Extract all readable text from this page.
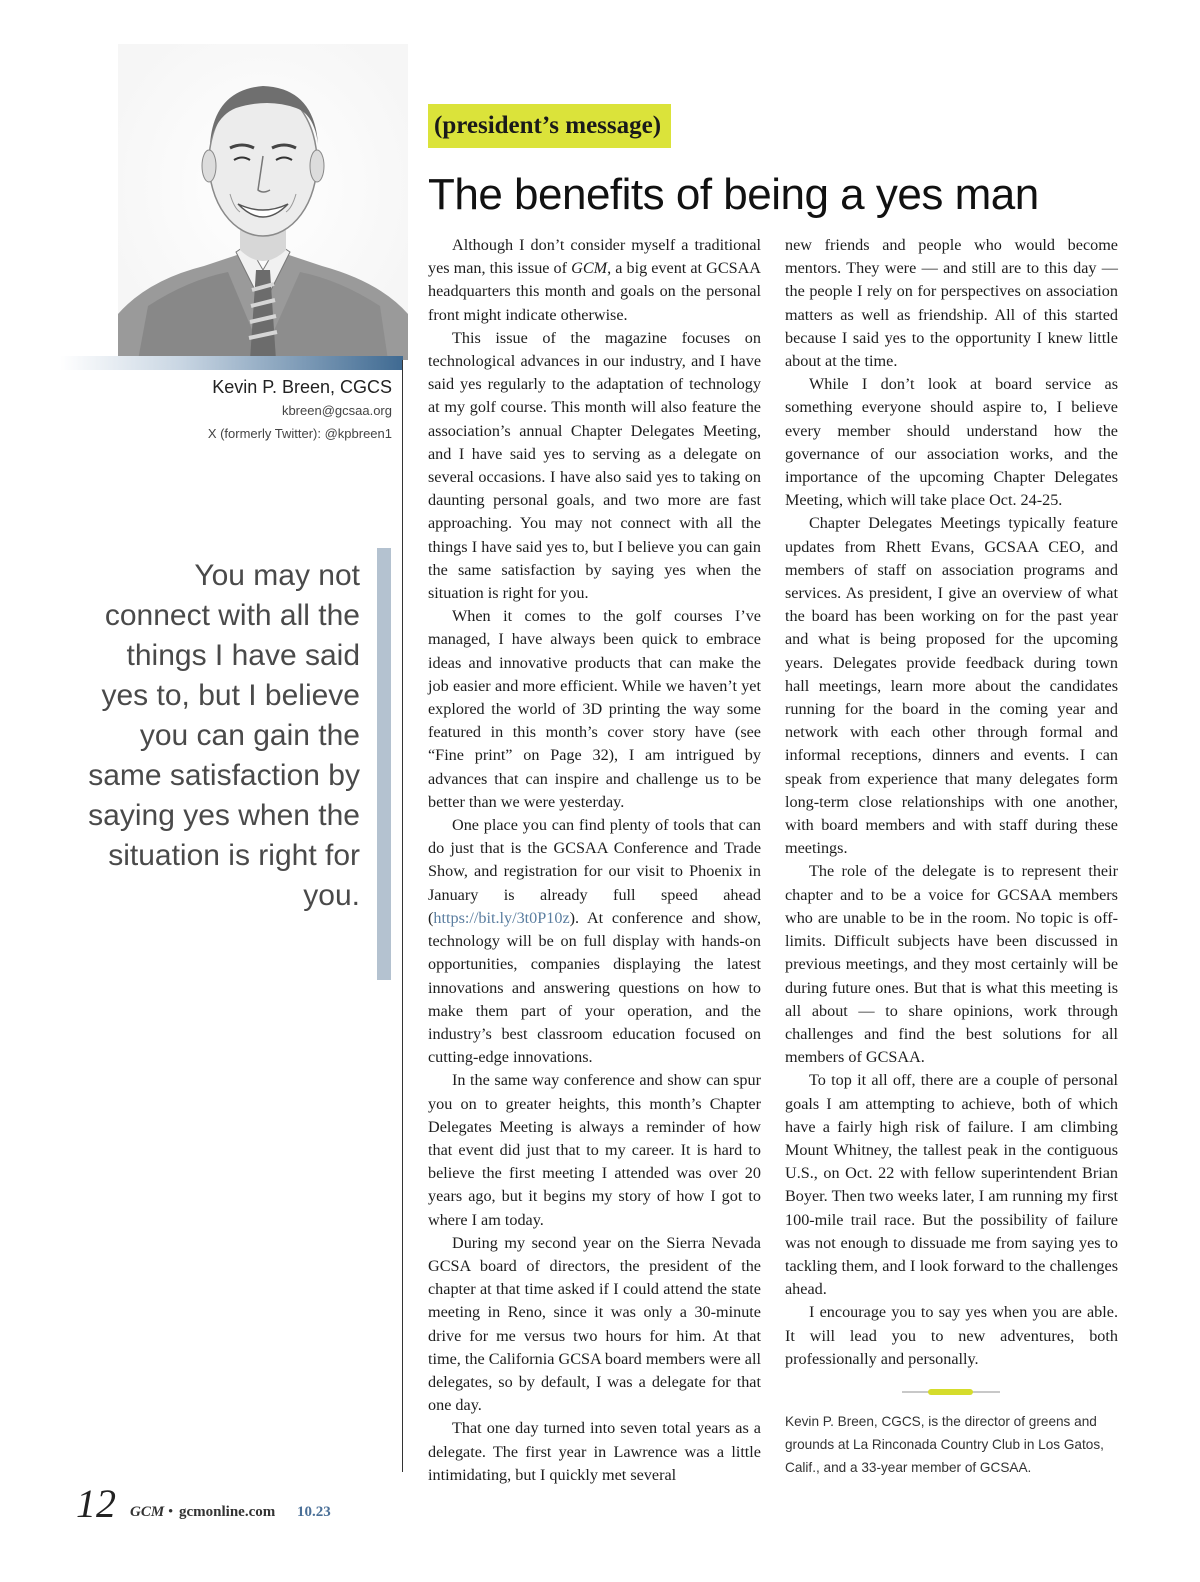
Kevin P. Breen, CGCS
kbreen@gcsaa.org
X (formerly Twitter): @kpbreen1
You may not connect with all the things I have said yes to, but I believe you can gain the same satisfaction by saying yes when the situation is right for you.
(president’s message)
The benefits of being a yes man

Although I don’t consider myself a traditional yes man, this issue of GCM, a big event at GCSAA headquarters this month and goals on the personal front might indicate otherwise.

This issue of the magazine focuses on technological advances in our industry, and I have said yes regularly to the adaptation of technology at my golf course. This month will also feature the association’s annual Chapter Delegates Meeting, and I have said yes to serving as a delegate on several occasions. I have also said yes to taking on daunting personal goals, and two more are fast approaching. You may not connect with all the things I have said yes to, but I believe you can gain the same satisfaction by saying yes when the situation is right for you.

When it comes to the golf courses I’ve managed, I have always been quick to embrace ideas and innovative products that can make the job easier and more efficient. While we haven’t yet explored the world of 3D printing the way some featured in this month’s cover story have (see “Fine print” on Page 32), I am intrigued by advances that can inspire and challenge us to be better than we were yesterday.

One place you can find plenty of tools that can do just that is the GCSAA Conference and Trade Show, and registration for our visit to Phoenix in January is already full speed ahead (https://bit.ly/3t0P10z). At conference and show, technology will be on full display with hands-on opportunities, companies displaying the latest innovations and answering questions on how to make them part of your operation, and the industry’s best classroom education focused on cutting-edge innovations.

In the same way conference and show can spur you on to greater heights, this month’s Chapter Delegates Meeting is always a reminder of how that event did just that to my career. It is hard to believe the first meeting I attended was over 20 years ago, but it begins my story of how I got to where I am today.

During my second year on the Sierra Nevada GCSA board of directors, the president of the chapter at that time asked if I could attend the state meeting in Reno, since it was only a 30-minute drive for me versus two hours for him. At that time, the California GCSA board members were all delegates, so by default, I was a delegate for that one day.

That one day turned into seven total years as a delegate. The first year in Lawrence was a little intimidating, but I quickly met several

new friends and people who would become mentors. They were — and still are to this day — the people I rely on for perspectives on association matters as well as friendship. All of this started because I said yes to the opportunity I knew little about at the time.

While I don’t look at board service as something everyone should aspire to, I believe every member should understand how the governance of our association works, and the importance of the upcoming Chapter Delegates Meeting, which will take place Oct. 24-25.

Chapter Delegates Meetings typically feature updates from Rhett Evans, GCSAA CEO, and members of staff on association programs and services. As president, I give an overview of what the board has been working on for the past year and what is being proposed for the upcoming years. Delegates provide feedback during town hall meetings, learn more about the candidates running for the board in the coming year and network with each other through formal and informal receptions, dinners and events. I can speak from experience that many delegates form long-term close relationships with one another, with board members and with staff during these meetings.

The role of the delegate is to represent their chapter and to be a voice for GCSAA members who are unable to be in the room. No topic is off-limits. Difficult subjects have been discussed in previous meetings, and they most certainly will be during future ones. But that is what this meeting is all about — to share opinions, work through challenges and find the best solutions for all members of GCSAA.

To top it all off, there are a couple of personal goals I am attempting to achieve, both of which have a fairly high risk of failure. I am climbing Mount Whitney, the tallest peak in the contiguous U.S., on Oct. 22 with fellow superintendent Brian Boyer. Then two weeks later, I am running my first 100-mile trail race. But the possibility of failure was not enough to dissuade me from saying yes to tackling them, and I look forward to the challenges ahead.

I encourage you to say yes when you are able. It will lead you to new adventures, both professionally and personally.

Kevin P. Breen, CGCS, is the director of greens and grounds at La Rinconada Country Club in Los Gatos, Calif., and a 33-year member of GCSAA.
12 GCM • gcmonline.com 10.23
